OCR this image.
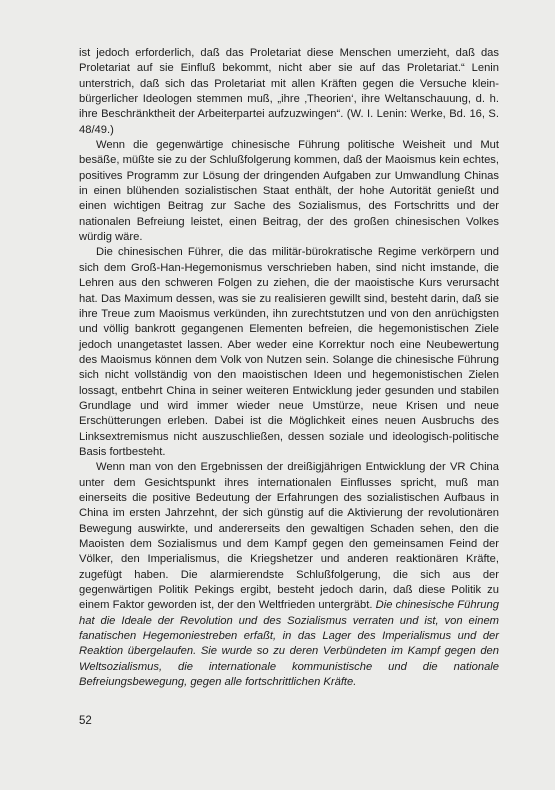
ist jedoch erforderlich, daß das Proletariat diese Menschen umerzieht, daß das Proletariat auf sie Einfluß bekommt, nicht aber sie auf das Proletariat.“ Lenin unterstrich, daß sich das Proletariat mit allen Kräften gegen die Versuche kleinbürgerlicher Ideologen stemmen muß, „ihre ‚Theorien‘, ihre Weltanschauung, d. h. ihre Beschränktheit der Arbeiterpartei aufzuzwingen“. (W. I. Lenin: Werke, Bd. 16, S. 48/49.)

Wenn die gegenwärtige chinesische Führung politische Weisheit und Mut besäße, müßte sie zu der Schlußfolgerung kommen, daß der Maoismus kein echtes, positives Programm zur Lösung der dringenden Aufgaben zur Umwandlung Chinas in einen blühenden sozialistischen Staat enthält, der hohe Autorität genießt und einen wichtigen Beitrag zur Sache des Sozialismus, des Fortschritts und der nationalen Befreiung leistet, einen Beitrag, der des großen chinesischen Volkes würdig wäre.

Die chinesischen Führer, die das militär-bürokratische Regime verkörpern und sich dem Groß-Han-Hegemonismus verschrieben haben, sind nicht imstande, die Lehren aus den schweren Folgen zu ziehen, die der maoistische Kurs verursacht hat. Das Maximum dessen, was sie zu realisieren gewillt sind, besteht darin, daß sie ihre Treue zum Maoismus verkünden, ihn zurechtstutzen und von den anrüchigsten und völlig bankrott gegangenen Elementen befreien, die hegemonistischen Ziele jedoch unangetastet lassen. Aber weder eine Korrektur noch eine Neubewertung des Maoismus können dem Volk von Nutzen sein. Solange die chinesische Führung sich nicht vollständig von den maoistischen Ideen und hegemonistischen Zielen lossagt, entbehrt China in seiner weiteren Entwicklung jeder gesunden und stabilen Grundlage und wird immer wieder neue Umstürze, neue Krisen und neue Erschütterungen erleben. Dabei ist die Möglichkeit eines neuen Ausbruchs des Linksextremismus nicht auszuschließen, dessen soziale und ideologisch-politische Basis fortbesteht.

Wenn man von den Ergebnissen der dreißigjährigen Entwicklung der VR China unter dem Gesichtspunkt ihres internationalen Einflusses spricht, muß man einerseits die positive Bedeutung der Erfahrungen des sozialistischen Aufbaus in China im ersten Jahrzehnt, der sich günstig auf die Aktivierung der revolutionären Bewegung auswirkte, und andererseits den gewaltigen Schaden sehen, den die Maoisten dem Sozialismus und dem Kampf gegen den gemeinsamen Feind der Völker, den Imperialismus, die Kriegshetzer und anderen reaktionären Kräfte, zugefügt haben. Die alarmierendste Schlußfolgerung, die sich aus der gegenwärtigen Politik Pekings ergibt, besteht jedoch darin, daß diese Politik zu einem Faktor geworden ist, der den Weltfrieden untergräbt. Die chinesische Führung hat die Ideale der Revolution und des Sozialismus verraten und ist, von einem fanatischen Hegemoniestreben erfaßt, in das Lager des Imperialismus und der Reaktion übergelaufen. Sie wurde so zu deren Verbündeten im Kampf gegen den Weltsozialismus, die internationale kommunistische und die nationale Befreiungsbewegung, gegen alle fortschrittlichen Kräfte.

52
